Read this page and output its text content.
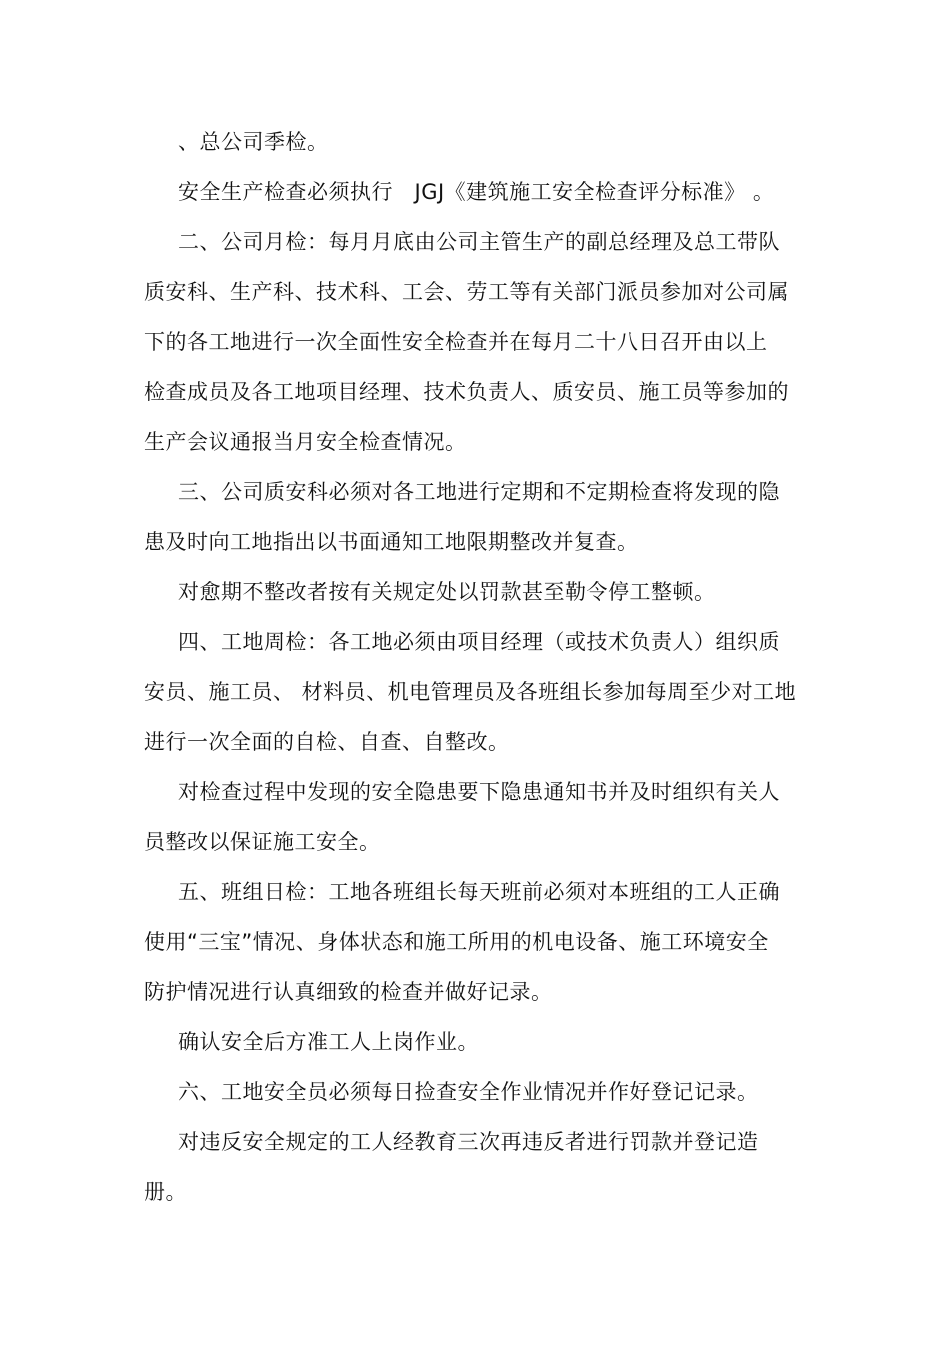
、总公司季检。
安全生产检查必须执行　JGJ《建筑施工安全检查评分标准》 。
二、公司月检：每月月底由公司主管生产的副总经理及总工带队
质安科、生产科、技术科、工会、劳工等有关部门派员参加对公司属
下的各工地进行一次全面性安全检查并在每月二十八日召开由以上
检查成员及各工地项目经理、技术负责人、质安员、施工员等参加的
生产会议通报当月安全检查情况。
三、公司质安科必须对各工地进行定期和不定期检查将发现的隐
患及时向工地指出以书面通知工地限期整改并复查。
对愈期不整改者按有关规定处以罚款甚至勒令停工整顿。
四、工地周检：各工地必须由项目经理（或技术负责人）组织质
安员、施工员、 材料员、机电管理员及各班组长参加每周至少对工地
进行一次全面的自检、自查、自整改。
对检查过程中发现的安全隐患要下隐患通知书并及时组织有关人
员整改以保证施工安全。
五、班组日检：工地各班组长每天班前必须对本班组的工人正确
使用“三宝”情况、身体状态和施工所用的机电设备、施工环境安全
防护情况进行认真细致的检查并做好记录。
确认安全后方准工人上岗作业。
六、工地安全员必须每日捡查安全作业情况并作好登记记录。
对违反安全规定的工人经教育三次再违反者进行罚款并登记造
册。
